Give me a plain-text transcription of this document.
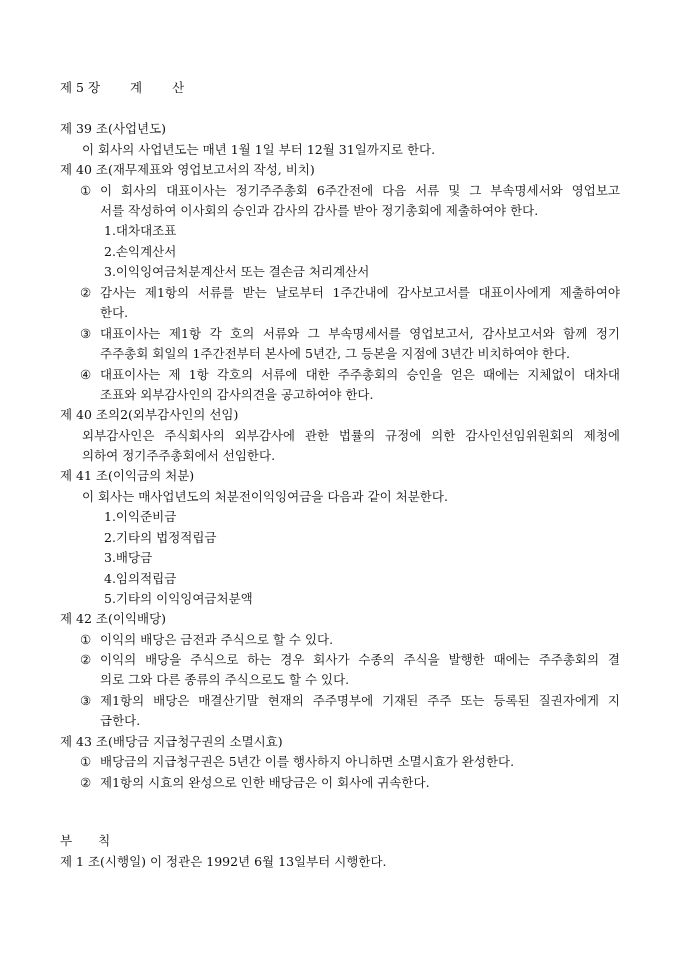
제 5 장 계 산
제 39 조(사업년도)
이 회사의 사업년도는 매년 1월 1일 부터 12월 31일까지로 한다.
제 40 조(재무제표와 영업보고서의 작성, 비치)
① 이 회사의 대표이사는 정기주주총회 6주간전에 다음 서류 및 그 부속명세서와 영업보고
서를 작성하여 이사회의 승인과 감사의 감사를 받아 정기총회에 제출하여야 한다.
1.대차대조표
2.손익계산서
3.이익잉여금처분계산서 또는 결손금 처리계산서
② 감사는 제1항의 서류를 받는 날로부터 1주간내에 감사보고서를 대표이사에게 제출하여야
한다.
③ 대표이사는 제1항 각 호의 서류와 그 부속명세서를 영업보고서, 감사보고서와 함께 정기
주주총회 회일의 1주간전부터 본사에 5년간, 그 등본을 지점에 3년간 비치하여야 한다.
④ 대표이사는 제 1항 각호의 서류에 대한 주주총회의 승인을 얻은 때에는 지체없이 대차대
조표와 외부감사인의 감사의견을 공고하여야 한다.
제 40 조의2(외부감사인의 선임)
외부감사인은 주식회사의 외부감사에 관한 법률의 규정에 의한 감사인선임위원회의 제청에
의하여 정기주주총회에서 선임한다.
제 41 조(이익금의 처분)
이 회사는 매사업년도의 처분전이익잉여금을 다음과 같이 처분한다.
1.이익준비금
2.기타의 법정적립금
3.배당금
4.임의적립금
5.기타의 이익잉여금처분액
제 42 조(이익배당)
① 이익의 배당은 금전과 주식으로 할 수 있다.
② 이익의 배당을 주식으로 하는 경우 회사가 수종의 주식을 발행한 때에는 주주총회의 결
의로 그와 다른 종류의 주식으로도 할 수 있다.
③ 제1항의 배당은 매결산기말 현재의 주주명부에 기재된 주주 또는 등록된 질권자에게 지
급한다.
제 43 조(배당금 지급청구권의 소멸시효)
① 배당금의 지급청구권은 5년간 이를 행사하지 아니하면 소멸시효가 완성한다.
② 제1항의 시효의 완성으로 인한 배당금은 이 회사에 귀속한다.
부 칙
제 1 조(시행일) 이 정관은 1992년 6월 13일부터 시행한다.
